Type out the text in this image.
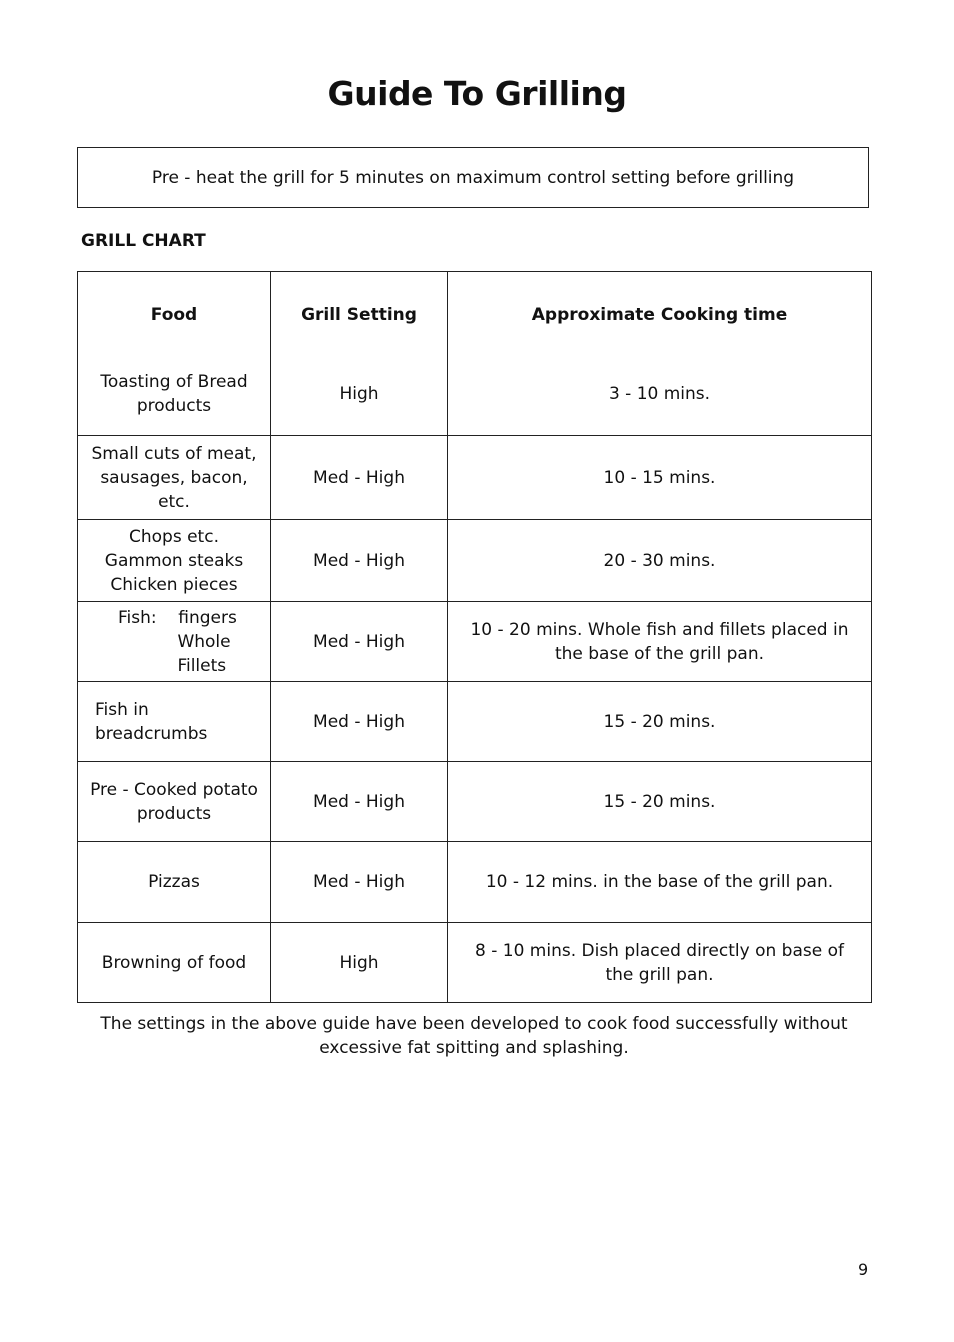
Guide To Grilling
Pre - heat the grill for 5 minutes on maximum control setting before grilling
GRILL CHART
Food	Grill Setting	Approximate Cooking time

Toasting of Bread
products	High	3 - 10 mins.

Small cuts of meat,
sausages, bacon, etc.	Med - High	10 - 15 mins.

Chops etc.
Gammon steaks
Chicken pieces	Med - High	20 - 30 mins.

Fish:    fingers
Whole
Fillets	Med - High	10 - 20 mins. Whole fish and fillets placed in the base of the grill pan.
Fish in breadcrumbs	Med - High	15 - 20 mins.

Pre - Cooked potato
products	Med - High	15 - 20 mins.
Pizzas	Med - High	10 - 12 mins. in the base of the grill pan.
Browning of food	High	8 - 10 mins. Dish placed directly on base of the grill pan.

The settings in the above guide have been developed to cook food successfully without excessive fat spitting and splashing.

9
